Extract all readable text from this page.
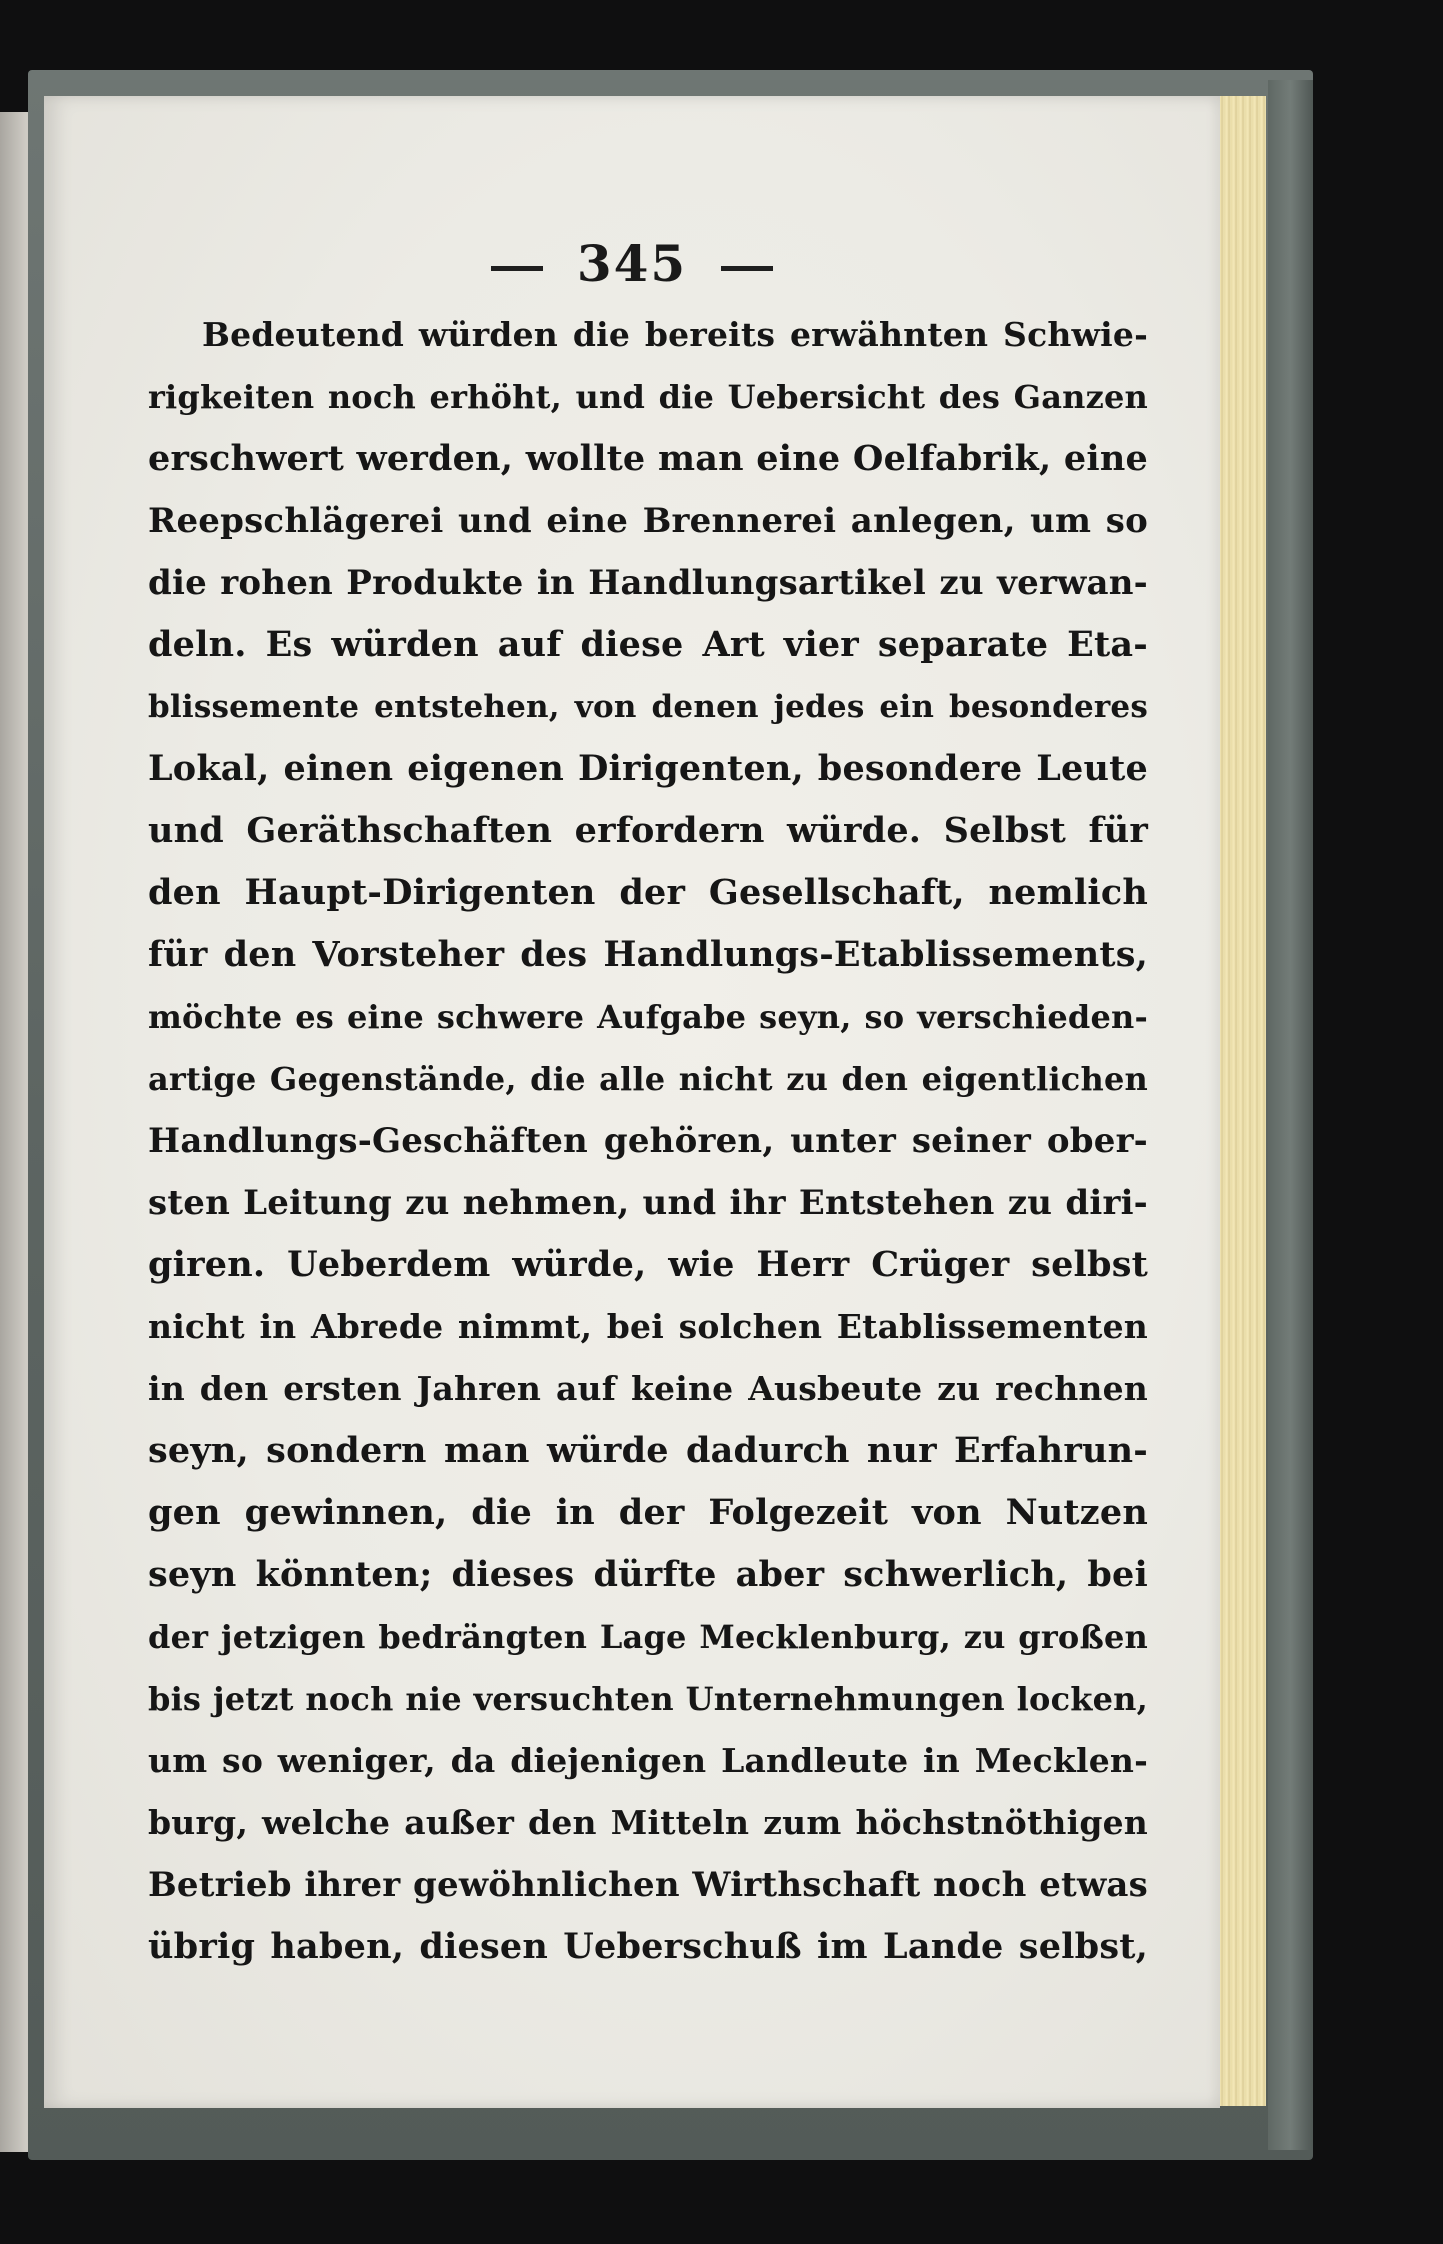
345
Bedeutend würden die bereits erwähnten Schwie-
rigkeiten noch erhöht, und die Uebersicht des Ganzen
erschwert werden, wollte man eine Oelfabrik, eine
Reepschlägerei und eine Brennerei anlegen, um so
die rohen Produkte in Handlungsartikel zu verwan-
deln. Es würden auf diese Art vier separate Eta-
blissemente entstehen, von denen jedes ein besonderes
Lokal, einen eigenen Dirigenten, besondere Leute
und Geräthschaften erfordern würde. Selbst für
den Haupt-Dirigenten der Gesellschaft, nemlich
für den Vorsteher des Handlungs-Etablissements,
möchte es eine schwere Aufgabe seyn, so verschieden-
artige Gegenstände, die alle nicht zu den eigentlichen
Handlungs-Geschäften gehören, unter seiner ober-
sten Leitung zu nehmen, und ihr Entstehen zu diri-
giren. Ueberdem würde, wie Herr Crüger selbst
nicht in Abrede nimmt, bei solchen Etablissementen
in den ersten Jahren auf keine Ausbeute zu rechnen
seyn, sondern man würde dadurch nur Erfahrun-
gen gewinnen, die in der Folgezeit von Nutzen
seyn könnten; dieses dürfte aber schwerlich, bei
der jetzigen bedrängten Lage Mecklenburg, zu großen
bis jetzt noch nie versuchten Unternehmungen locken,
um so weniger, da diejenigen Landleute in Mecklen-
burg, welche außer den Mitteln zum höchstnöthigen
Betrieb ihrer gewöhnlichen Wirthschaft noch etwas
übrig haben, diesen Ueberschuß im Lande selbst,
